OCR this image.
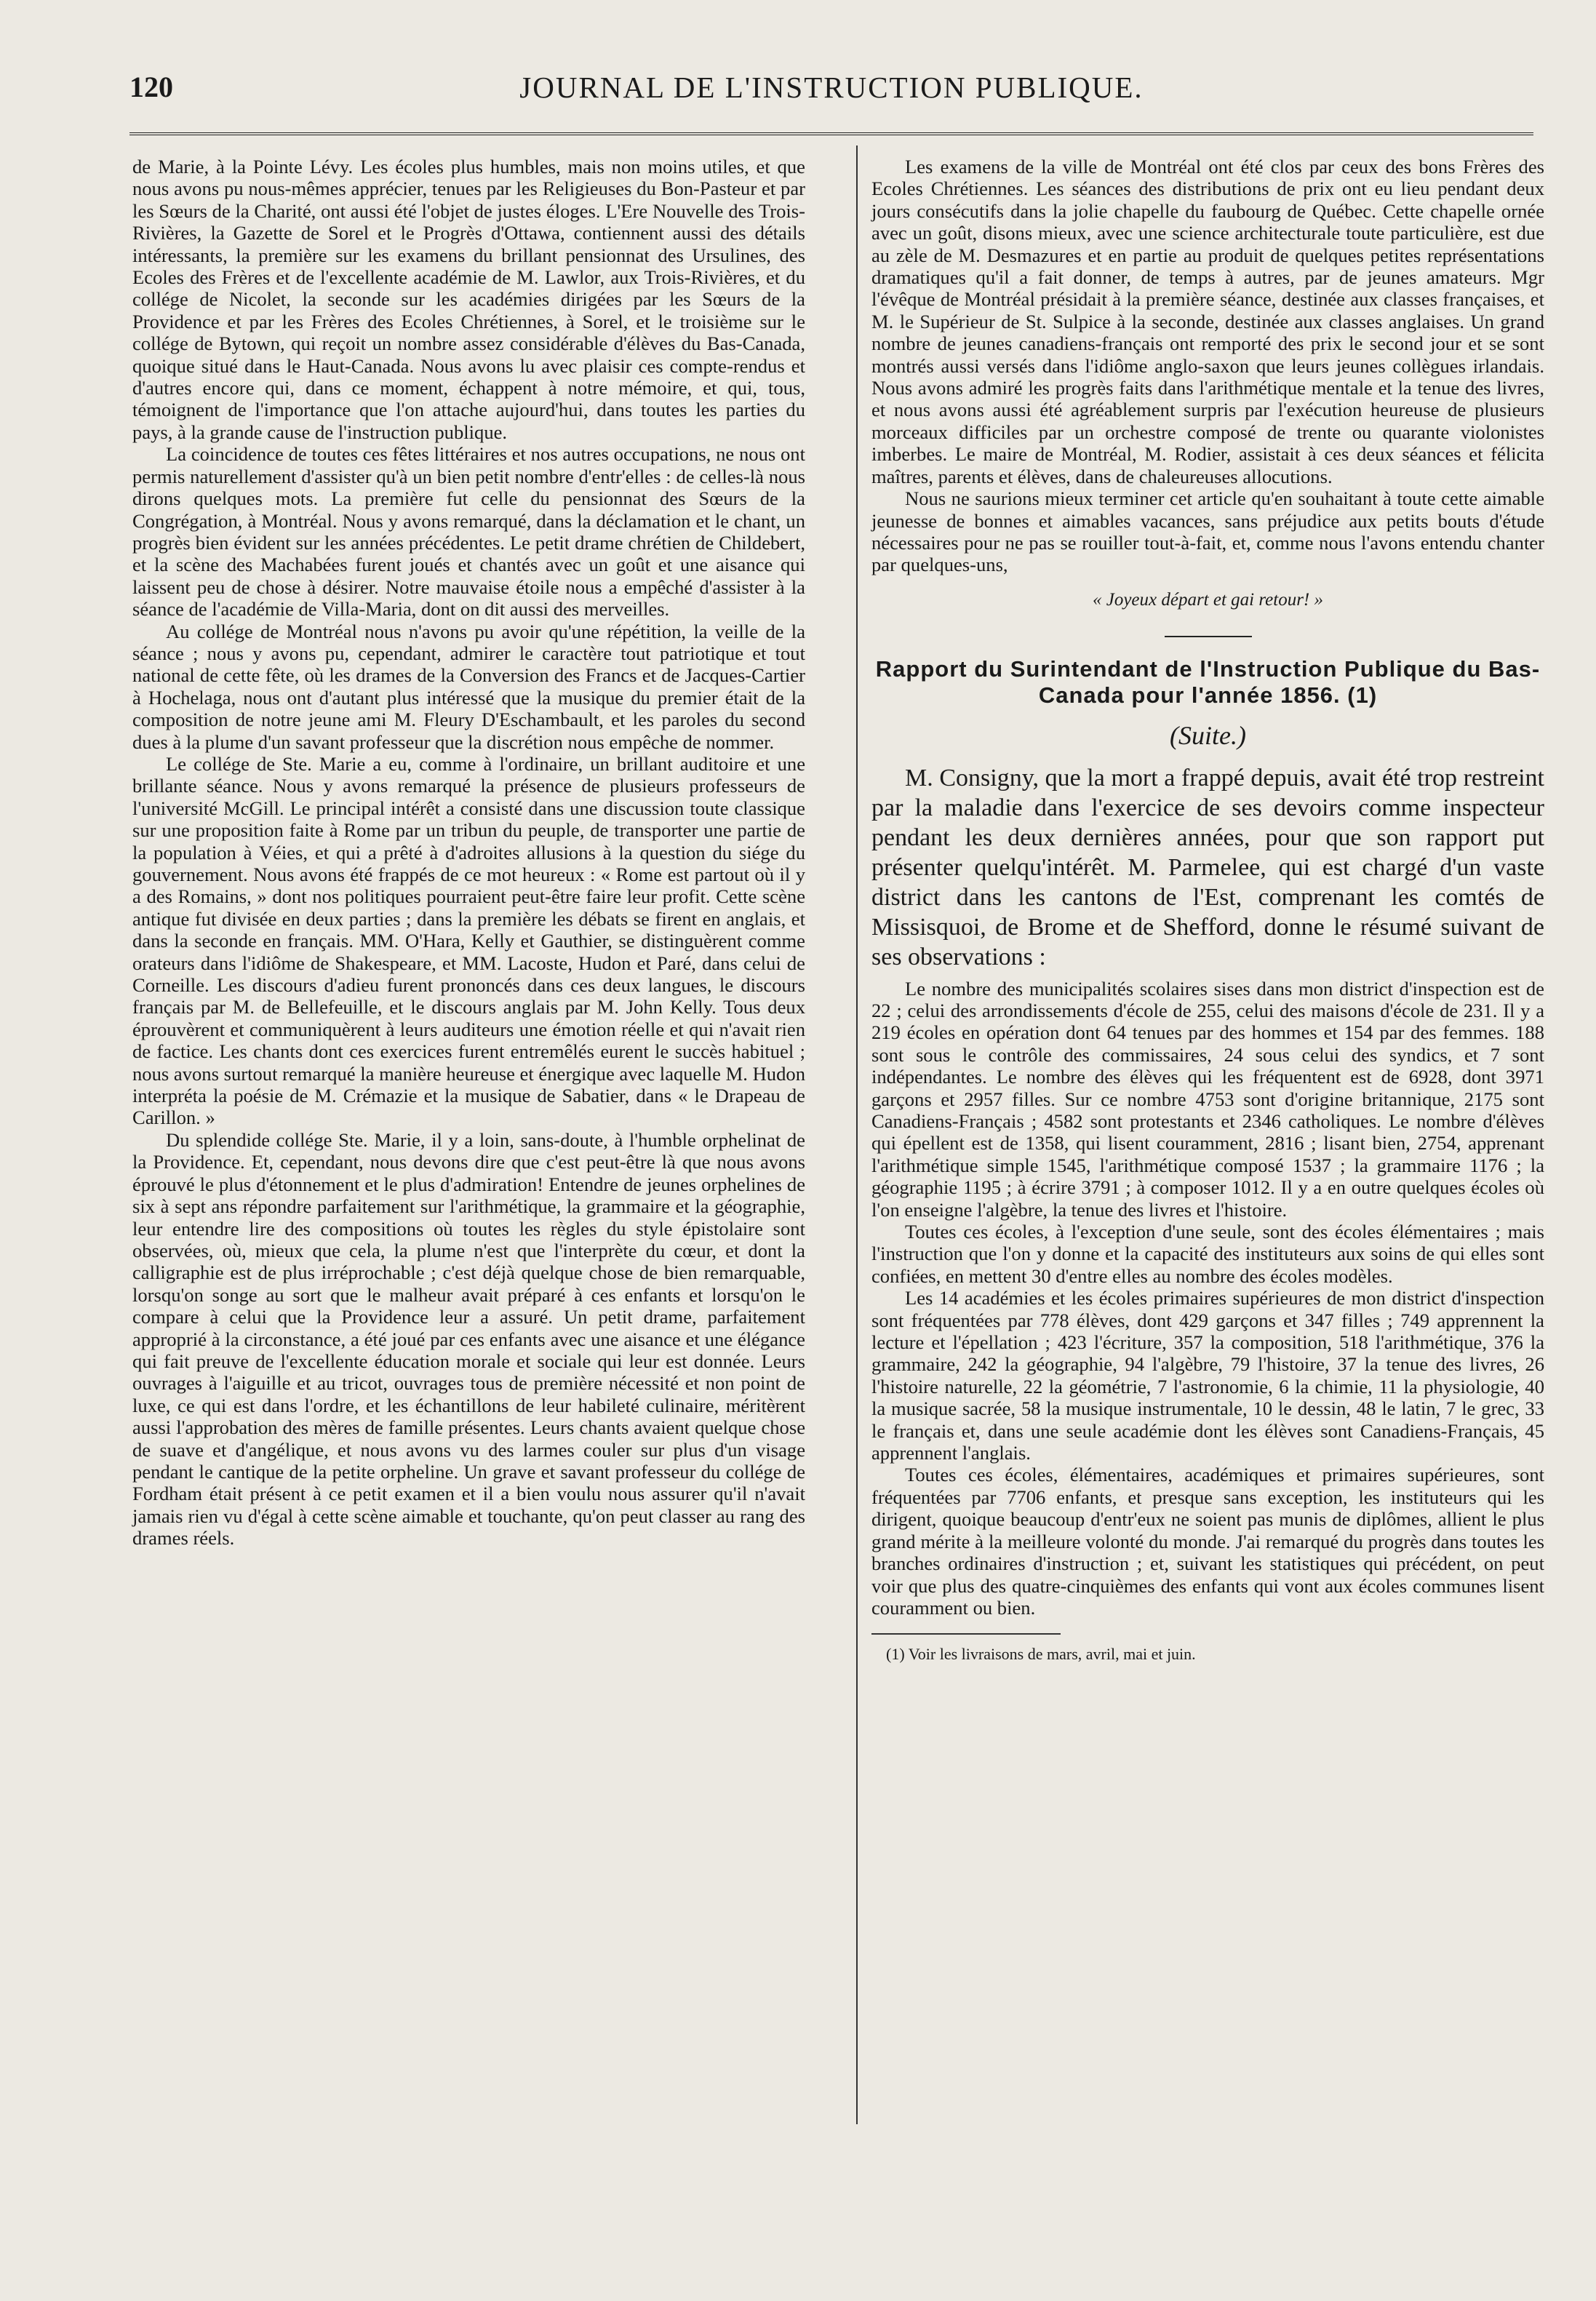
120	JOURNAL DE L'INSTRUCTION PUBLIQUE.

de Marie, à la Pointe Lévy. Les écoles plus humbles, mais non moins utiles, et que nous avons pu nous-mêmes apprécier, tenues par les Religieuses du Bon-Pasteur et par les Sœurs de la Charité, ont aussi été l'objet de justes éloges. L'Ere Nouvelle des Trois-Rivières, la Gazette de Sorel et le Progrès d'Ottawa, contiennent aussi des détails intéressants, la première sur les examens du brillant pensionnat des Ursulines, des Ecoles des Frères et de l'excellente académie de M. Lawlor, aux Trois-Rivières, et du collége de Nicolet, la seconde sur les académies dirigées par les Sœurs de la Providence et par les Frères des Ecoles Chrétiennes, à Sorel, et le troisième sur le collége de Bytown, qui reçoit un nombre assez considérable d'élèves du Bas-Canada, quoique situé dans le Haut-Canada. Nous avons lu avec plaisir ces compte-rendus et d'autres encore qui, dans ce moment, échappent à notre mémoire, et qui, tous, témoignent de l'importance que l'on attache aujourd'hui, dans toutes les parties du pays, à la grande cause de l'instruction publique.

La coincidence de toutes ces fêtes littéraires et nos autres occupations, ne nous ont permis naturellement d'assister qu'à un bien petit nombre d'entr'elles : de celles-là nous dirons quelques mots. La première fut celle du pensionnat des Sœurs de la Congrégation, à Montréal. Nous y avons remarqué, dans la déclamation et le chant, un progrès bien évident sur les années précédentes. Le petit drame chrétien de Childebert, et la scène des Machabées furent joués et chantés avec un goût et une aisance qui laissent peu de chose à désirer. Notre mauvaise étoile nous a empêché d'assister à la séance de l'académie de Villa-Maria, dont on dit aussi des merveilles.

Au collége de Montréal nous n'avons pu avoir qu'une répétition, la veille de la séance ; nous y avons pu, cependant, admirer le caractère tout patriotique et tout national de cette fête, où les drames de la Conversion des Francs et de Jacques-Cartier à Hochelaga, nous ont d'autant plus intéressé que la musique du premier était de la composition de notre jeune ami M. Fleury D'Eschambault, et les paroles du second dues à la plume d'un savant professeur que la discrétion nous empêche de nommer.

Le collége de Ste. Marie a eu, comme à l'ordinaire, un brillant auditoire et une brillante séance. Nous y avons remarqué la présence de plusieurs professeurs de l'université McGill. Le principal intérêt a consisté dans une discussion toute classique sur une proposition faite à Rome par un tribun du peuple, de transporter une partie de la population à Véies, et qui a prêté à d'adroites allusions à la question du siége du gouvernement. Nous avons été frappés de ce mot heureux : « Rome est partout où il y a des Romains, » dont nos politiques pourraient peut-être faire leur profit. Cette scène antique fut divisée en deux parties ; dans la première les débats se firent en anglais, et dans la seconde en français. MM. O'Hara, Kelly et Gauthier, se distinguèrent comme orateurs dans l'idiôme de Shakespeare, et MM. Lacoste, Hudon et Paré, dans celui de Corneille. Les discours d'adieu furent prononcés dans ces deux langues, le discours français par M. de Bellefeuille, et le discours anglais par M. John Kelly. Tous deux éprouvèrent et communiquèrent à leurs auditeurs une émotion réelle et qui n'avait rien de factice. Les chants dont ces exercices furent entremêlés eurent le succès habituel ; nous avons surtout remarqué la manière heureuse et énergique avec laquelle M. Hudon interpréta la poésie de M. Crémazie et la musique de Sabatier, dans « le Drapeau de Carillon. »

Du splendide collége Ste. Marie, il y a loin, sans-doute, à l'humble orphelinat de la Providence. Et, cependant, nous devons dire que c'est peut-être là que nous avons éprouvé le plus d'étonnement et le plus d'admiration! Entendre de jeunes orphelines de six à sept ans répondre parfaitement sur l'arithmétique, la grammaire et la géographie, leur entendre lire des compositions où toutes les règles du style épistolaire sont observées, où, mieux que cela, la plume n'est que l'interprète du cœur, et dont la calligraphie est de plus irréprochable ; c'est déjà quelque chose de bien remarquable, lorsqu'on songe au sort que le malheur avait préparé à ces enfants et lorsqu'on le compare à celui que la Providence leur a assuré. Un petit drame, parfaitement approprié à la circonstance, a été joué par ces enfants avec une aisance et une élégance qui fait preuve de l'excellente éducation morale et sociale qui leur est donnée. Leurs ouvrages à l'aiguille et au tricot, ouvrages tous de première nécessité et non point de luxe, ce qui est dans l'ordre, et les échantillons de leur habileté culinaire, méritèrent aussi l'approbation des mères de famille présentes. Leurs chants avaient quelque chose de suave et d'angélique, et nous avons vu des larmes couler sur plus d'un visage pendant le cantique de la petite orpheline. Un grave et savant professeur du collége de Fordham était présent à ce petit examen et il a bien voulu nous assurer qu'il n'avait jamais rien vu d'égal à cette scène aimable et touchante, qu'on peut classer au rang des drames réels.

Les examens de la ville de Montréal ont été clos par ceux des bons Frères des Ecoles Chrétiennes. Les séances des distributions de prix ont eu lieu pendant deux jours consécutifs dans la jolie chapelle du faubourg de Québec. Cette chapelle ornée avec un goût, disons mieux, avec une science architecturale toute particulière, est due au zèle de M. Desmazures et en partie au produit de quelques petites représentations dramatiques qu'il a fait donner, de temps à autres, par de jeunes amateurs. Mgr l'évêque de Montréal présidait à la première séance, destinée aux classes françaises, et M. le Supérieur de St. Sulpice à la seconde, destinée aux classes anglaises. Un grand nombre de jeunes canadiens-français ont remporté des prix le second jour et se sont montrés aussi versés dans l'idiôme anglo-saxon que leurs jeunes collègues irlandais. Nous avons admiré les progrès faits dans l'arithmétique mentale et la tenue des livres, et nous avons aussi été agréablement surpris par l'exécution heureuse de plusieurs morceaux difficiles par un orchestre composé de trente ou quarante violonistes imberbes. Le maire de Montréal, M. Rodier, assistait à ces deux séances et félicita maîtres, parents et élèves, dans de chaleureuses allocutions.

Nous ne saurions mieux terminer cet article qu'en souhaitant à toute cette aimable jeunesse de bonnes et aimables vacances, sans préjudice aux petits bouts d'étude nécessaires pour ne pas se rouiller tout-à-fait, et, comme nous l'avons entendu chanter par quelques-uns,

« Joyeux départ et gai retour! »

Rapport du Surintendant de l'Instruction Publique du Bas-Canada pour l'année 1856. (1)

(Suite.)

M. Consigny, que la mort a frappé depuis, avait été trop restreint par la maladie dans l'exercice de ses devoirs comme inspecteur pendant les deux dernières années, pour que son rapport put présenter quelqu'intérêt. M. Parmelee, qui est chargé d'un vaste district dans les cantons de l'Est, comprenant les comtés de Missisquoi, de Brome et de Shefford, donne le résumé suivant de ses observations :

Le nombre des municipalités scolaires sises dans mon district d'inspection est de 22 ; celui des arrondissements d'école de 255, celui des maisons d'école de 231. Il y a 219 écoles en opération dont 64 tenues par des hommes et 154 par des femmes. 188 sont sous le contrôle des commissaires, 24 sous celui des syndics, et 7 sont indépendantes. Le nombre des élèves qui les fréquentent est de 6928, dont 3971 garçons et 2957 filles. Sur ce nombre 4753 sont d'origine britannique, 2175 sont Canadiens-Français ; 4582 sont protestants et 2346 catholiques. Le nombre d'élèves qui épellent est de 1358, qui lisent couramment, 2816 ; lisant bien, 2754, apprenant l'arithmétique simple 1545, l'arithmétique composé 1537 ; la grammaire 1176 ; la géographie 1195 ; à écrire 3791 ; à composer 1012. Il y a en outre quelques écoles où l'on enseigne l'algèbre, la tenue des livres et l'histoire.

Toutes ces écoles, à l'exception d'une seule, sont des écoles élémentaires ; mais l'instruction que l'on y donne et la capacité des instituteurs aux soins de qui elles sont confiées, en mettent 30 d'entre elles au nombre des écoles modèles.

Les 14 académies et les écoles primaires supérieures de mon district d'inspection sont fréquentées par 778 élèves, dont 429 garçons et 347 filles ; 749 apprennent la lecture et l'épellation ; 423 l'écriture, 357 la composition, 518 l'arithmétique, 376 la grammaire, 242 la géographie, 94 l'algèbre, 79 l'histoire, 37 la tenue des livres, 26 l'histoire naturelle, 22 la géométrie, 7 l'astronomie, 6 la chimie, 11 la physiologie, 40 la musique sacrée, 58 la musique instrumentale, 10 le dessin, 48 le latin, 7 le grec, 33 le français et, dans une seule académie dont les élèves sont Canadiens-Français, 45 apprennent l'anglais.

Toutes ces écoles, élémentaires, académiques et primaires supérieures, sont fréquentées par 7706 enfants, et presque sans exception, les instituteurs qui les dirigent, quoique beaucoup d'entr'eux ne soient pas munis de diplômes, allient le plus grand mérite à la meilleure volonté du monde. J'ai remarqué du progrès dans toutes les branches ordinaires d'instruction ; et, suivant les statistiques qui précédent, on peut voir que plus des quatre-cinquièmes des enfants qui vont aux écoles communes lisent couramment ou bien.

(1) Voir les livraisons de mars, avril, mai et juin.
